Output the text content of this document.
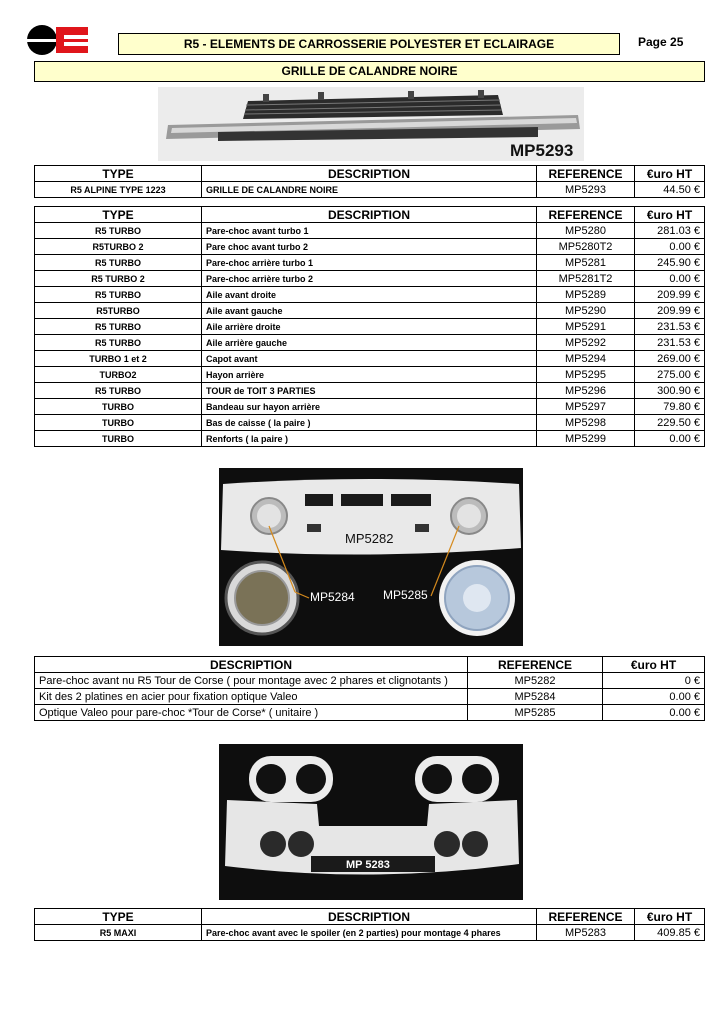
R5 - ELEMENTS DE CARROSSERIE POLYESTER ET ECLAIRAGE	Page 25
GRILLE DE CALANDRE NOIRE
MP5293
TYPE	DESCRIPTION	REFERENCE	€uro HT
R5 ALPINE TYPE 1223	GRILLE DE CALANDRE NOIRE	MP5293	44.50 €
TYPE	DESCRIPTION	REFERENCE	€uro HT
R5 TURBO	Pare-choc avant turbo 1	MP5280	281.03 €
R5TURBO 2	Pare choc avant turbo 2	MP5280T2	0.00 €
R5 TURBO	Pare-choc arrière turbo 1	MP5281	245.90 €
R5 TURBO 2	Pare-choc arrière turbo 2	MP5281T2	0.00 €
R5 TURBO	Aile avant droite	MP5289	209.99 €
R5TURBO	Aile avant gauche	MP5290	209.99 €
R5 TURBO	Aile arrière droite	MP5291	231.53 €
R5 TURBO	Aile arrière gauche	MP5292	231.53 €
TURBO 1 et 2	Capot avant	MP5294	269.00 €
TURBO2	Hayon arrière	MP5295	275.00 €
R5 TURBO	TOUR de TOIT 3 PARTIES	MP5296	300.90 €
TURBO	Bandeau sur hayon arrière	MP5297	79.80 €
TURBO	Bas de caisse ( la paire )	MP5298	229.50 €
TURBO	Renforts ( la paire )	MP5299	0.00 €
MP5282
MP5284 MP5285
DESCRIPTION	REFERENCE	€uro HT
Pare-choc avant nu R5 Tour de Corse ( pour montage avec 2 phares et clignotants )	MP5282	0 €
Kit des 2 platines en acier pour fixation optique Valeo	MP5284	0.00 €
Optique Valeo pour pare-choc *Tour de Corse* ( unitaire )	MP5285	0.00 €
MP 5283
TYPE	DESCRIPTION	REFERENCE	€uro HT
R5 MAXI	Pare-choc avant avec le spoiler (en 2 parties) pour montage 4 phares	MP5283	409.85 €
